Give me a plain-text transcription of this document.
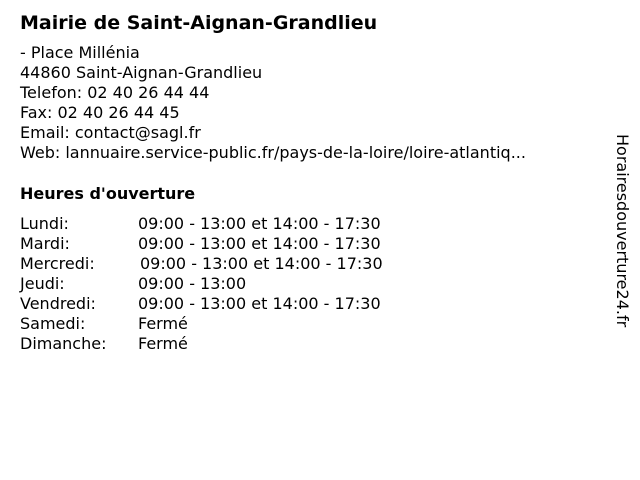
Mairie de Saint-Aignan-Grandlieu
- Place Millénia
44860 Saint-Aignan-Grandlieu
Telefon: 02 40 26 44 44
Fax: 02 40 26 44 45
Email: contact@sagl.fr
Web: lannuaire.service-public.fr/pays-de-la-loire/loire-atlantiq...
Heures d'ouverture
Lundi:	09:00 - 13:00 et 14:00 - 17:30
Mardi:	09:00 - 13:00 et 14:00 - 17:30
Mercredi:	09:00 - 13:00 et 14:00 - 17:30
Jeudi:	09:00 - 13:00
Vendredi:	09:00 - 13:00 et 14:00 - 17:30
Samedi:	Fermé
Dimanche: Fermé
Horairesdouverture24.fr
